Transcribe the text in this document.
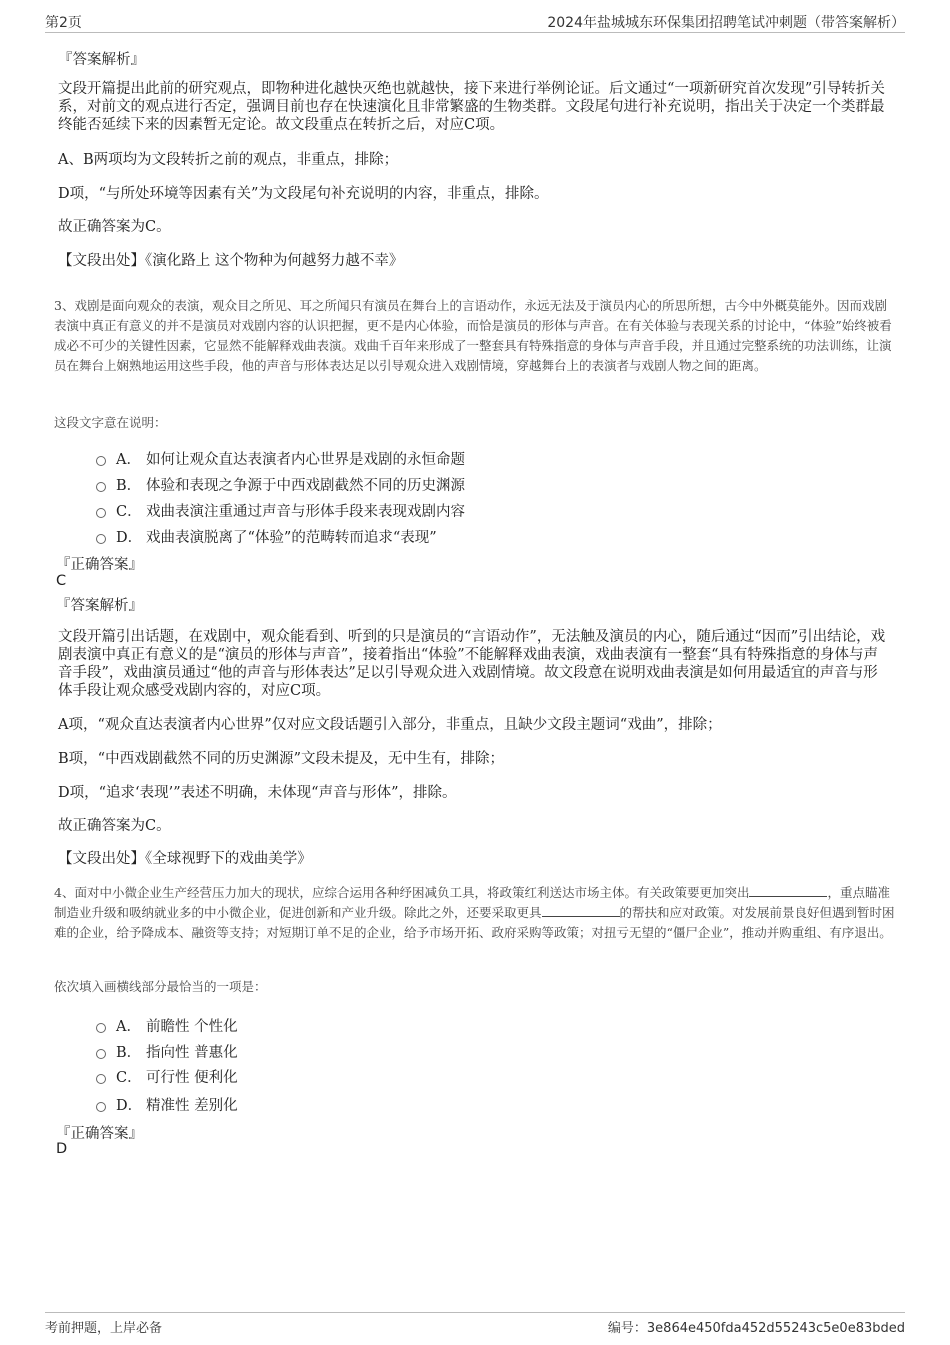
第2页	2024年盐城城东环保集团招聘笔试冲刺题（带答案解析）
『答案解析』
文段开篇提出此前的研究观点，即物种进化越快灭绝也就越快，接下来进行举例论证。后文通过“一项新研究首次发现”引导转折关系，对前文的观点进行否定，强调目前也存在快速演化且非常繁盛的生物类群。文段尾句进行补充说明，指出关于决定一个类群最终能否延续下来的因素暂无定论。故文段重点在转折之后，对应C项。
A、B两项均为文段转折之前的观点，非重点，排除；
D项，“与所处环境等因素有关”为文段尾句补充说明的内容，非重点，排除。
故正确答案为C。
【文段出处】《演化路上 这个物种为何越努力越不幸》
3、戏剧是面向观众的表演，观众目之所见、耳之所闻只有演员在舞台上的言语动作，永远无法及于演员内心的所思所想，古今中外概莫能外。因而戏剧表演中真正有意义的并不是演员对戏剧内容的认识把握，更不是内心体验，而恰是演员的形体与声音。在有关体验与表现关系的讨论中，“体验”始终被看成必不可少的关键性因素，它显然不能解释戏曲表演。戏曲千百年来形成了一整套具有特殊指意的身体与声音手段，并且通过完整系统的功法训练，让演员在舞台上娴熟地运用这些手段，他的声音与形体表达足以引导观众进入戏剧情境，穿越舞台上的表演者与戏剧人物之间的距离。
这段文字意在说明：
A． 如何让观众直达表演者内心世界是戏剧的永恒命题
B． 体验和表现之争源于中西戏剧截然不同的历史渊源
C． 戏曲表演注重通过声音与形体手段来表现戏剧内容
D． 戏曲表演脱离了“体验”的范畴转而追求“表现”
『正确答案』
C
『答案解析』
文段开篇引出话题，在戏剧中，观众能看到、听到的只是演员的“言语动作”，无法触及演员的内心，随后通过“因而”引出结论，戏剧表演中真正有意义的是“演员的形体与声音”，接着指出“体验”不能解释戏曲表演，戏曲表演有一整套“具有特殊指意的身体与声音手段”，戏曲演员通过“他的声音与形体表达”足以引导观众进入戏剧情境。故文段意在说明戏曲表演是如何用最适宜的声音与形体手段让观众感受戏剧内容的，对应C项。
A项，“观众直达表演者内心世界”仅对应文段话题引入部分，非重点，且缺少文段主题词“戏曲”，排除；
B项，“中西戏剧截然不同的历史渊源”文段未提及，无中生有，排除；
D项，“追求‘表现’”表述不明确，未体现“声音与形体”，排除。
故正确答案为C。
【文段出处】《全球视野下的戏曲美学》
4、面对中小微企业生产经营压力加大的现状，应综合运用各种纾困减负工具，将政策红利送达市场主体。有关政策要更加突出	，重点瞄准制造业升级和吸纳就业多的中小微企业，促进创新和产业升级。除此之外，还要采取更具	的帮扶和应对政策。对发展前景良好但遇到暂时困难的企业，给予降成本、融资等支持；对短期订单不足的企业，给予市场开拓、政府采购等政策；对扭亏无望的“僵尸企业”，推动并购重组、有序退出。
依次填入画横线部分最恰当的一项是：
A． 前瞻性 个性化
B． 指向性 普惠化
C． 可行性 便利化
D． 精准性 差别化
『正确答案』
D
考前押题，上岸必备	编号：3e864e450fda452d55243c5e0e83bded
